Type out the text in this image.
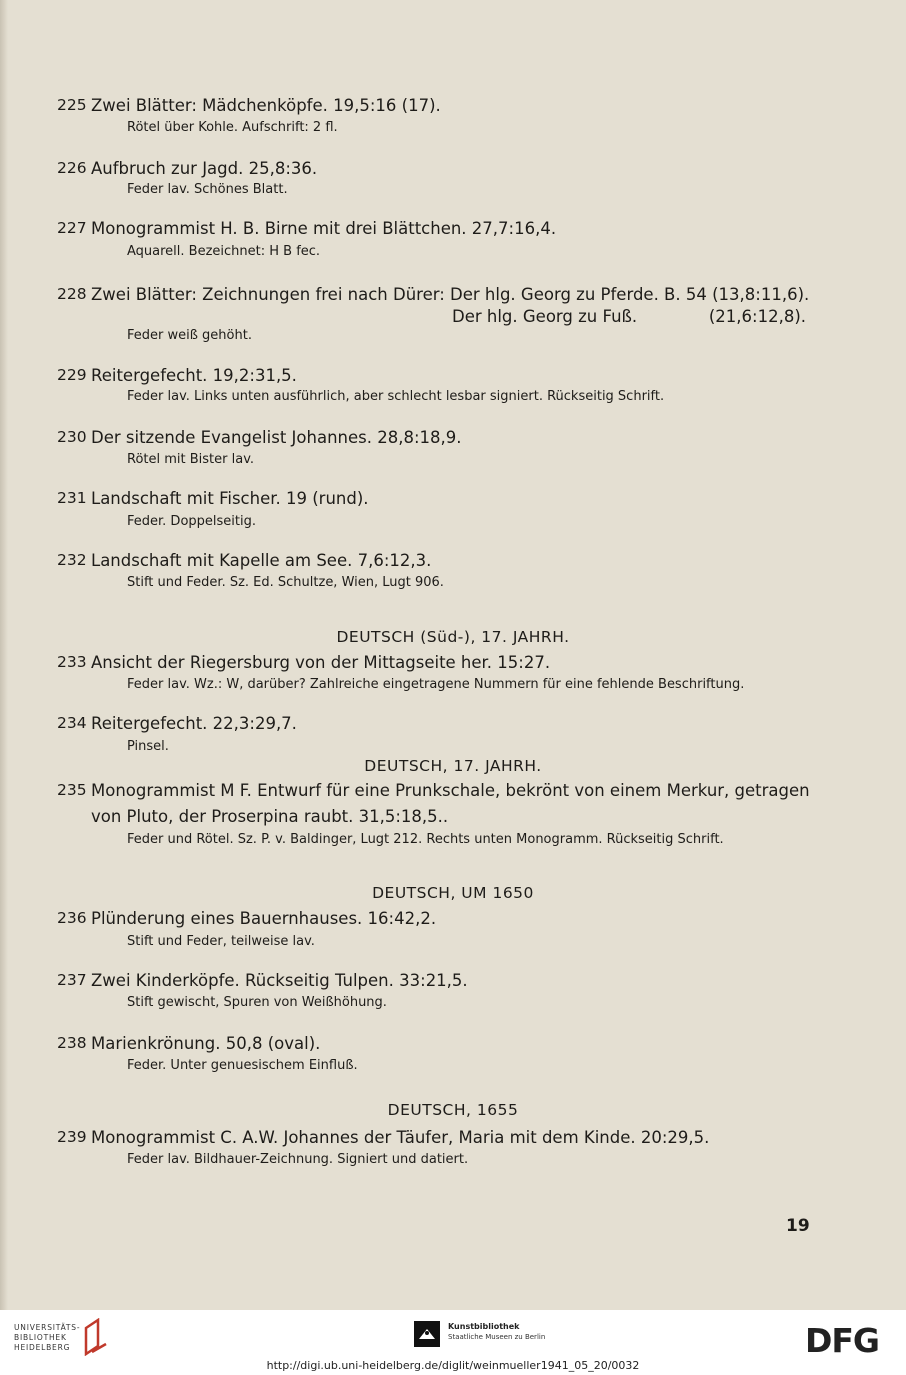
225 Zwei Blätter: Mädchenköpfe. 19,5:16 (17).
Rötel über Kohle. Aufschrift: 2 fl.
226 Aufbruch zur Jagd. 25,8:36.
Feder lav. Schönes Blatt.
227 Monogrammist H. B. Birne mit drei Blättchen. 27,7:16,4.
Aquarell. Bezeichnet: H B fec.
228 Zwei Blätter: Zeichnungen frei nach Dürer: Der hlg. Georg zu Pferde. B. 54 (13,8:11,6).
Der hlg. Georg zu Fuß.	(21,6:12,8).
Feder weiß gehöht.
229 Reitergefecht. 19,2:31,5.
Feder lav. Links unten ausführlich, aber schlecht lesbar signiert. Rückseitig Schrift.
230 Der sitzende Evangelist Johannes. 28,8:18,9.
Rötel mit Bister lav.
231 Landschaft mit Fischer. 19 (rund).
Feder. Doppelseitig.
232 Landschaft mit Kapelle am See. 7,6:12,3.
Stift und Feder. Sz. Ed. Schultze, Wien, Lugt 906.
DEUTSCH (Süd-), 17. JAHRH.
233 Ansicht der Riegersburg von der Mittagseite her. 15:27.
Feder lav. Wz.: W, darüber? Zahlreiche eingetragene Nummern für eine fehlende Beschriftung.
234 Reitergefecht. 22,3:29,7.
Pinsel.
DEUTSCH, 17. JAHRH.
235 Monogrammist M F. Entwurf für eine Prunkschale, bekrönt von einem Merkur, getragen
von Pluto, der Proserpina raubt. 31,5:18,5..
Feder und Rötel. Sz. P. v. Baldinger, Lugt 212. Rechts unten Monogramm. Rückseitig Schrift.
DEUTSCH, UM 1650
236 Plünderung eines Bauernhauses. 16:42,2.
Stift und Feder, teilweise lav.
237 Zwei Kinderköpfe. Rückseitig Tulpen. 33:21,5.
Stift gewischt, Spuren von Weißhöhung.
238 Marienkrönung. 50,8 (oval).
Feder. Unter genuesischem Einfluß.
DEUTSCH, 1655
239 Monogrammist C. A.W. Johannes der Täufer, Maria mit dem Kinde. 20:29,5.
Feder lav. Bildhauer-Zeichnung. Signiert und datiert.
19
UNIVERSITÄTS-
BIBLIOTHEK
HEIDELBERG
Kunstbibliothek
Staatliche Museen zu Berlin	DFG
http://digi.ub.uni-heidelberg.de/diglit/weinmueller1941_05_20/0032
